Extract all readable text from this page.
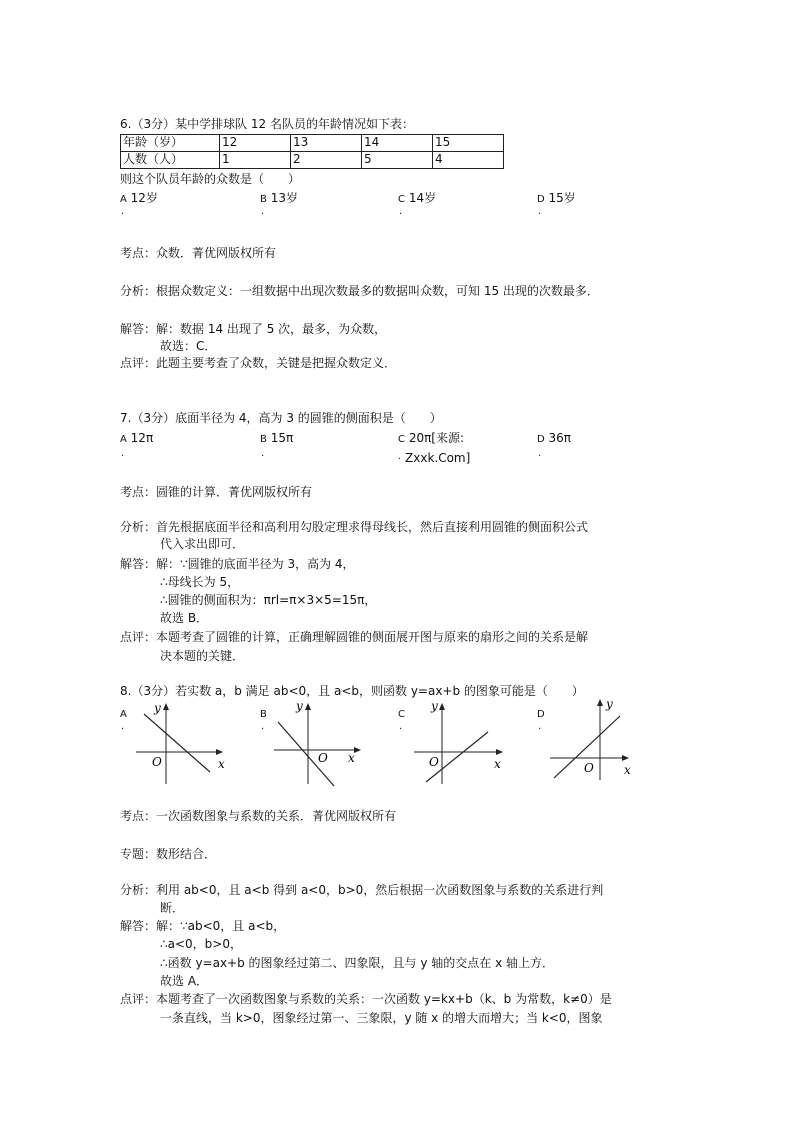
6.（3分）某中学排球队 12 名队员的年龄情况如下表：
年龄（岁）	12	13	14	15
人数（人）	1	2	5	4
则这个队员年龄的众数是（　　）
A 12岁	B 13岁	C 14岁	D 15岁
·	·	·	·
考点：众数．菁优网版权所有
分析：根据众数定义：一组数据中出现次数最多的数据叫众数，可知 15 出现的次数最多．
解答：解：数据 14 出现了 5 次，最多，为众数，
故选：C．
点评：此题主要考查了众数，关键是把握众数定义．
7.（3分）底面半径为 4，高为 3 的圆锥的侧面积是（　　）
A 12π	B 15π	C 20π[来源:	D 36π
·	·	· Zxxk.Com]	·
考点：圆锥的计算．菁优网版权所有
分析：首先根据底面半径和高利用勾股定理求得母线长，然后直接利用圆锥的侧面积公式
代入求出即可．
解答：解：∵圆锥的底面半径为 3，高为 4，
∴母线长为 5，
∴圆锥的侧面积为：πrl=π×3×5=15π，
故选 B．
点评：本题考查了圆锥的计算，正确理解圆锥的侧面展开图与原来的扇形之间的关系是解
决本题的关键．
8.（3分）若实数 a，b 满足 ab<0，且 a<b，则函数 y=ax+b 的图象可能是（　　）
A	B	C	D
·	·	·	·
y
x
O
y
x
O
y
x
O
y
x
O
考点：一次函数图象与系数的关系．菁优网版权所有
专题：数形结合．
分析：利用 ab<0，且 a<b 得到 a<0，b>0，然后根据一次函数图象与系数的关系进行判
断．
解答：解：∵ab<0，且 a<b，
∴a<0，b>0，
∴函数 y=ax+b 的图象经过第二、四象限，且与 y 轴的交点在 x 轴上方．
故选 A．
点评：本题考查了一次函数图象与系数的关系：一次函数 y=kx+b（k、b 为常数，k≠0）是
一条直线，当 k>0，图象经过第一、三象限，y 随 x 的增大而增大；当 k<0，图象
